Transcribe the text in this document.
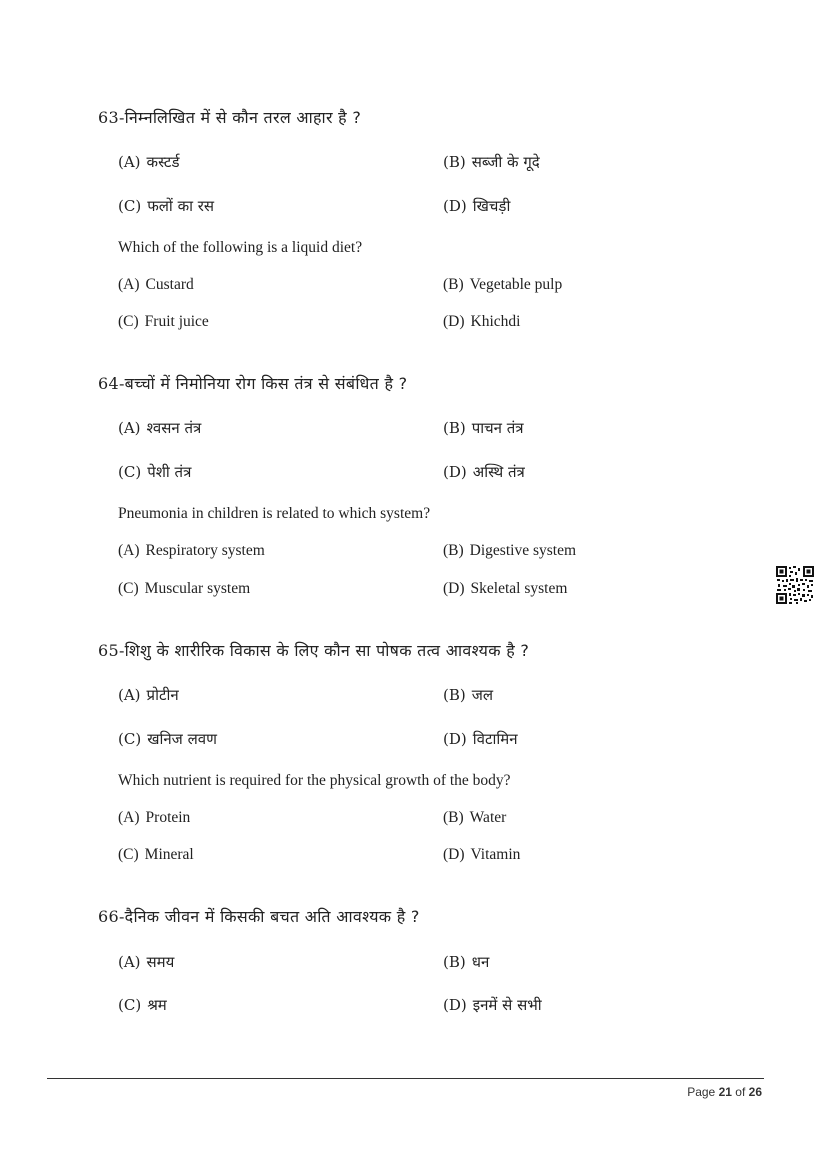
63-निम्नलिखित में से कौन तरल आहार है ?
(A) कस्टर्ड	(B) सब्जी के गूदे
(C) फलों का रस	(D) खिचड़ी
Which of the following is a liquid diet?
(A) Custard	(B) Vegetable pulp
(C) Fruit juice	(D) Khichdi
64-बच्चों में निमोनिया रोग किस तंत्र से संबंधित है ?
(A) श्वसन तंत्र	(B) पाचन तंत्र
(C) पेशी तंत्र	(D) अस्थि तंत्र
Pneumonia in children is related to which system?
(A) Respiratory system	(B) Digestive system
(C) Muscular system	(D) Skeletal system
65-शिशु के शारीरिक विकास के लिए कौन सा पोषक तत्व आवश्यक है ?
(A) प्रोटीन	(B) जल
(C) खनिज लवण	(D) विटामिन
Which nutrient is required for the physical growth of the body?
(A) Protein	(B) Water
(C) Mineral	(D) Vitamin
66-दैनिक जीवन में किसकी बचत अति आवश्यक है ?
(A) समय	(B) धन
(C) श्रम	(D) इनमें से सभी
Page 21 of 26
